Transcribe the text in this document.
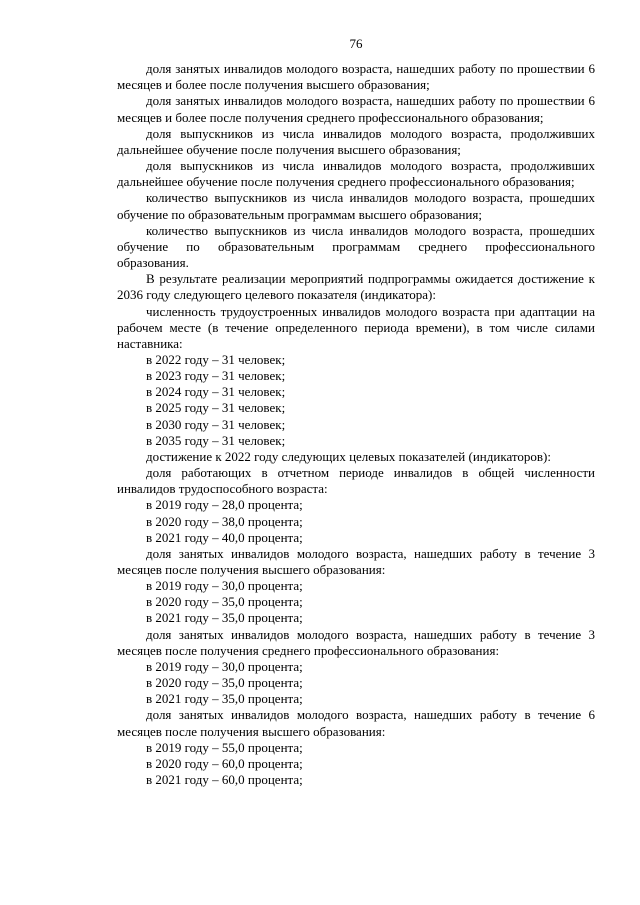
76

доля занятых инвалидов молодого возраста, нашедших работу по прошествии 6 месяцев и более после получения высшего образования;

доля занятых инвалидов молодого возраста, нашедших работу по прошествии 6 месяцев и более после получения среднего профессионального образования;

доля выпускников из числа инвалидов молодого возраста, продолживших дальнейшее обучение после получения высшего образования;

доля выпускников из числа инвалидов молодого возраста, продолживших дальнейшее обучение после получения среднего профессионального образования;

количество выпускников из числа инвалидов молодого возраста, прошедших обучение по образовательным программам высшего образования;

количество выпускников из числа инвалидов молодого возраста, прошедших обучение по образовательным программам среднего профессионального образования.

В результате реализации мероприятий подпрограммы ожидается достижение к 2036 году следующего целевого показателя (индикатора):

численность трудоустроенных инвалидов молодого возраста при адаптации на рабочем месте (в течение определенного периода времени), в том числе силами наставника:

в 2022 году – 31 человек;

в 2023 году – 31 человек;

в 2024 году – 31 человек;

в 2025 году – 31 человек;

в 2030 году – 31 человек;

в 2035 году – 31 человек;

достижение к 2022 году следующих целевых показателей (индикаторов):

доля работающих в отчетном периоде инвалидов в общей численности инвалидов трудоспособного возраста:

в 2019 году – 28,0 процента;

в 2020 году – 38,0 процента;

в 2021 году – 40,0 процента;

доля занятых инвалидов молодого возраста, нашедших работу в течение 3 месяцев после получения высшего образования:

в 2019 году – 30,0 процента;

в 2020 году – 35,0 процента;

в 2021 году – 35,0 процента;

доля занятых инвалидов молодого возраста, нашедших работу в течение 3 месяцев после получения среднего профессионального образования:

в 2019 году – 30,0 процента;

в 2020 году – 35,0 процента;

в 2021 году – 35,0 процента;

доля занятых инвалидов молодого возраста, нашедших работу в течение 6 месяцев после получения высшего образования:

в 2019 году – 55,0 процента;

в 2020 году – 60,0 процента;

в 2021 году – 60,0 процента;
